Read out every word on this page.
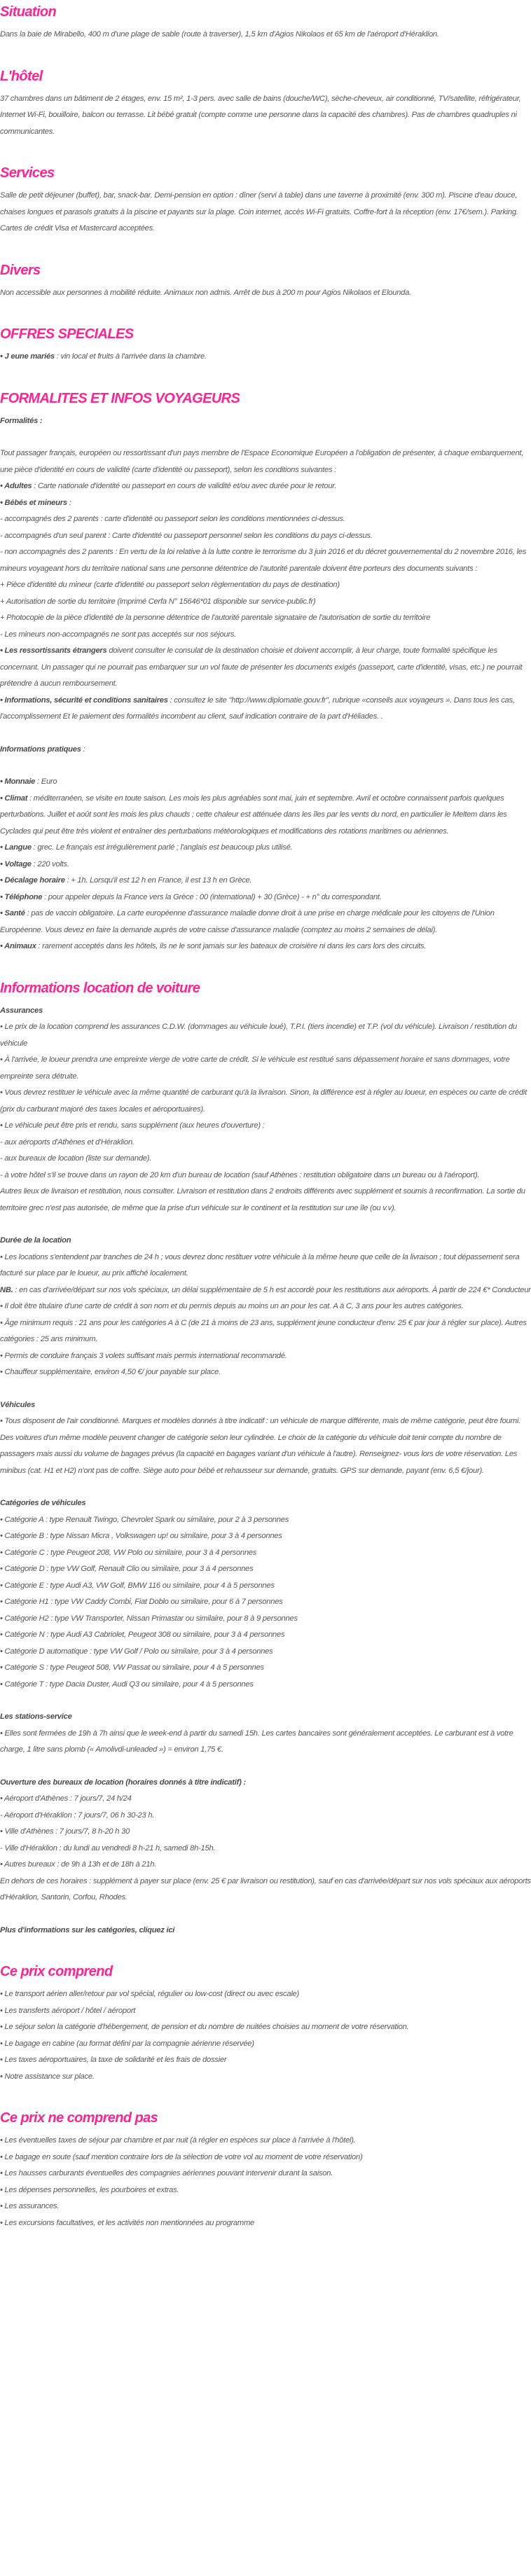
Situation
Dans la baie de Mirabello, 400 m d'une plage de sable (route à traverser), 1,5 km d'Agios Nikolaos et 65 km de l'aéroport d'Héraklion.
L'hôtel
37 chambres dans un bâtiment de 2 étages, env. 15 m², 1-3 pers. avec salle de bains (douche/WC), sèche-cheveux, air conditionné, TV/satellite, réfrigérateur, Internet Wi-Fi, bouilloire, balcon ou terrasse. Lit bébé gratuit (compte comme une personne dans la capacité des chambres). Pas de chambres quadruples ni communicantes.
Services
Salle de petit déjeuner (buffet), bar, snack-bar. Demi-pension en option : dîner (servi à table) dans une taverne à proximité (env. 300 m). Piscine d'eau douce, chaises longues et parasols gratuits à la piscine et payants sur la plage. Coin internet, accès Wi-Fi gratuits. Coffre-fort à la réception (env. 17€/sem.). Parking. Cartes de crédit Visa et Mastercard acceptées.
Divers
Non accessible aux personnes à mobilité réduite. Animaux non admis. Arrêt de bus à 200 m pour Agios Nikolaos et Elounda.
OFFRES SPECIALES
• J eune mariés : vin local et fruits à l'arrivée dans la chambre.
FORMALITES ET INFOS VOYAGEURS
Formalités :
Tout passager français, européen ou ressortissant d'un pays membre de l'Espace Economique Européen a l'obligation de présenter, à chaque embarquement, une pièce d'identité en cours de validité (carte d'identité ou passeport), selon les conditions suivantes :
• Adultes : Carte nationale d'identité ou passeport en cours de validité et/ou avec durée pour le retour.
• Bébés et mineurs :
- accompagnés des 2 parents : carte d'identité ou passeport selon les conditions mentionnées ci-dessus.
- accompagnés d'un seul parent : Carte d'identité ou passeport personnel selon les conditions du pays ci-dessus.
- non accompagnés des 2 parents : En vertu de la loi relative à la lutte contre le terrorisme du 3 juin 2016 et du décret gouvernemental du 2 novembre 2016, les mineurs voyageant hors du territoire national sans une personne détentrice de l'autorité parentale doivent être porteurs des documents suivants :
+ Pièce d'identité du mineur (carte d'identité ou passeport selon règlementation du pays de destination)
+ Autorisation de sortie du territoire (imprimé Cerfa N° 15646*01 disponible sur service-public.fr)
+ Photocopie de la pièce d'identité de la personne détentrice de l'autorité parentale signataire de l'autorisation de sortie du territoire
- Les mineurs non-accompagnés ne sont pas acceptés sur nos séjours.
• Les ressortissants étrangers doivent consulter le consulat de la destination choisie et doivent accomplir, à leur charge, toute formalité spécifique les concernant. Un passager qui ne pourrait pas embarquer sur un vol faute de présenter les documents exigés (passeport, carte d'identité, visas, etc.) ne pourrait prétendre à aucun remboursement.
• Informations, sécurité et conditions sanitaires : consultez le site "http://www.diplomatie.gouv.fr", rubrique «conseils aux voyageurs ». Dans tous les cas, l'accomplissement Et le paiement des formalités incombent au client, sauf indication contraire de la part d'Héliades. .
Informations pratiques :
• Monnaie : Euro
• Climat : méditerranéen, se visite en toute saison. Les mois les plus agréables sont mai, juin et septembre. Avril et octobre connaissent parfois quelques perturbations. Juillet et août sont les mois les plus chauds ; cette chaleur est atténuée dans les îles par les vents du nord, en particulier le Meltem dans les Cyclades qui peut être très violent et entraîner des perturbations météorologiques et modifications des rotations maritimes ou aériennes.
• Langue : grec. Le français est irrégulièrement parlé ; l'anglais est beaucoup plus utilisé.
• Voltage : 220 volts.
• Décalage horaire : + 1h. Lorsqu'il est 12 h en France, il est 13 h en Grèce.
• Téléphone : pour appeler depuis la France vers la Grèce : 00 (international) + 30 (Grèce) - + n° du correspondant.
• Santé : pas de vaccin obligatoire. La carte européenne d'assurance maladie donne droit à une prise en charge médicale pour les citoyens de l'Union Européenne. Vous devez en faire la demande auprès de votre caisse d'assurance maladie (comptez au moins 2 semaines de délai).
• Animaux : rarement acceptés dans les hôtels, ils ne le sont jamais sur les bateaux de croisière ni dans les cars lors des circuits.
Informations location de voiture
Assurances
• Le prix de la location comprend les assurances C.D.W. (dommages au véhicule loué), T.P.I. (tiers incendie) et T.P. (vol du véhicule). Livraison / restitution du véhicule
• À l'arrivée, le loueur prendra une empreinte vierge de votre carte de crédit. Si le véhicule est restitué sans dépassement horaire et sans dommages, votre empreinte sera détruite.
• Vous devrez restituer le véhicule avec la même quantité de carburant qu'à la livraison. Sinon, la différence est à régler au loueur, en espèces ou carte de crédit (prix du carburant majoré des taxes locales et aéroportuaires).
• Le véhicule peut être pris et rendu, sans supplément (aux heures d'ouverture) :
- aux aéroports d'Athènes et d'Héraklion.
- aux bureaux de location (liste sur demande).
- à votre hôtel s'il se trouve dans un rayon de 20 km d'un bureau de location (sauf Athènes : restitution obligatoire dans un bureau ou à l'aéroport).
Autres lieux de livraison et restitution, nous consulter. Livraison et restitution dans 2 endroits différents avec supplément et soumis à reconfirmation. La sortie du territoire grec n'est pas autorisée, de même que la prise d'un véhicule sur le continent et la restitution sur une île (ou v.v).
Durée de la location
• Les locations s'entendent par tranches de 24 h ; vous devrez donc restituer votre véhicule à la même heure que celle de la livraison ; tout dépassement sera facturé sur place par le loueur, au prix affiché localement.
NB. : en cas d'arrivée/départ sur nos vols spéciaux, un délai supplémentaire de 5 h est accordé pour les restitutions aux aéroports. À partir de 224 €* Conducteur
• Il doit être titulaire d'une carte de crédit à son nom et du permis depuis au moins un an pour les cat. A à C, 3 ans pour les autres catégories.
• Âge minimum requis : 21 ans pour les catégories A à C (de 21 à moins de 23 ans, supplément jeune conducteur d'env. 25 € par jour à régler sur place). Autres catégories : 25 ans minimum.
• Permis de conduire français 3 volets suffisant mais permis international recommandé.
• Chauffeur supplémentaire, environ 4,50 €/ jour payable sur place.
Véhicules
• Tous disposent de l'air conditionné. Marques et modèles donnés à titre indicatif : un véhicule de marque différente, mais de même catégorie, peut être fourni. Des voitures d'un même modèle peuvent changer de catégorie selon leur cylindrée. Le choix de la catégorie du véhicule doit tenir compte du nombre de passagers mais aussi du volume de bagages prévus (la capacité en bagages variant d'un véhicule à l'autre). Renseignez- vous lors de votre réservation. Les minibus (cat. H1 et H2) n'ont pas de coffre. Siège auto pour bébé et rehausseur sur demande, gratuits. GPS sur demande, payant (env. 6,5 €/jour).
Catégories de véhicules
• Catégorie A : type Renault Twingo, Chevrolet Spark ou similaire, pour 2 à 3 personnes
• Catégorie B : type Nissan Micra , Volkswagen up! ou similaire, pour 3 à 4 personnes
• Catégorie C : type Peugeot 208, VW Polo ou similaire, pour 3 à 4 personnes
• Catégorie D : type VW Golf, Renault Clio ou similaire, pour 3 à 4 personnes
• Catégorie E : type Audi A3, VW Golf, BMW 116 ou similaire, pour 4 à 5 personnes
• Catégorie H1 : type VW Caddy Combi, Fiat Doblo ou similaire, pour 6 à 7 personnes
• Catégorie H2 : type VW Transporter, Nissan Primastar ou similaire, pour 8 à 9 personnes
• Catégorie N : type Audi A3 Cabriolet, Peugeot 308 ou similaire, pour 3 à 4 personnes
• Catégorie D automatique : type VW Golf / Polo ou similaire, pour 3 à 4 personnes
• Catégorie S : type Peugeot 508, VW Passat ou similaire, pour 4 à 5 personnes
• Catégorie T : type Dacia Duster, Audi Q3 ou similaire, pour 4 à 5 personnes
Les stations-service
• Elles sont fermées de 19h à 7h ainsi que le week-end à partir du samedi 15h. Les cartes bancaires sont généralement acceptées. Le carburant est à votre charge, 1 litre sans plomb (« Amolivdi-unleaded ») = environ 1,75 €.
Ouverture des bureaux de location (horaires donnés à titre indicatif) :
• Aéroport d'Athènes : 7 jours/7, 24 h/24
- Aéroport d'Héraklion : 7 jours/7, 06 h 30-23 h.
• Ville d'Athènes : 7 jours/7, 8 h-20 h 30
- Ville d'Héraklion : du lundi au vendredi 8 h-21 h, samedi 8h-15h.
• Autres bureaux : de 9h à 13h et de 18h à 21h.
En dehors de ces horaires : supplément à payer sur place (env. 25 € par livraison ou restitution), sauf en cas d'arrivée/départ sur nos vols spéciaux aux aéroports d'Héraklion, Santorin, Corfou, Rhodes.
Plus d'informations sur les catégories, cliquez ici
Ce prix comprend
• Le transport aérien aller/retour par vol spécial, régulier ou low-cost (direct ou avec escale)
• Les transferts aéroport / hôtel / aéroport
• Le séjour selon la catégorie d'hébergement, de pension et du nombre de nuitées choisies au moment de votre réservation.
• Le bagage en cabine (au format défini par la compagnie aérienne réservée)
• Les taxes aéroportuaires, la taxe de solidarité et les frais de dossier
• Notre assistance sur place.
Ce prix ne comprend pas
• Les éventuelles taxes de séjour par chambre et par nuit (à régler en espèces sur place à l'arrivée à l'hôtel).
• Le bagage en soute (sauf mention contraire lors de la sélection de votre vol au moment de votre réservation)
• Les hausses carburants éventuelles des compagnies aériennes pouvant intervenir durant la saison.
• Les dépenses personnelles, les pourboires et extras.
• Les assurances.
• Les excursions facultatives, et les activités non mentionnées au programme
